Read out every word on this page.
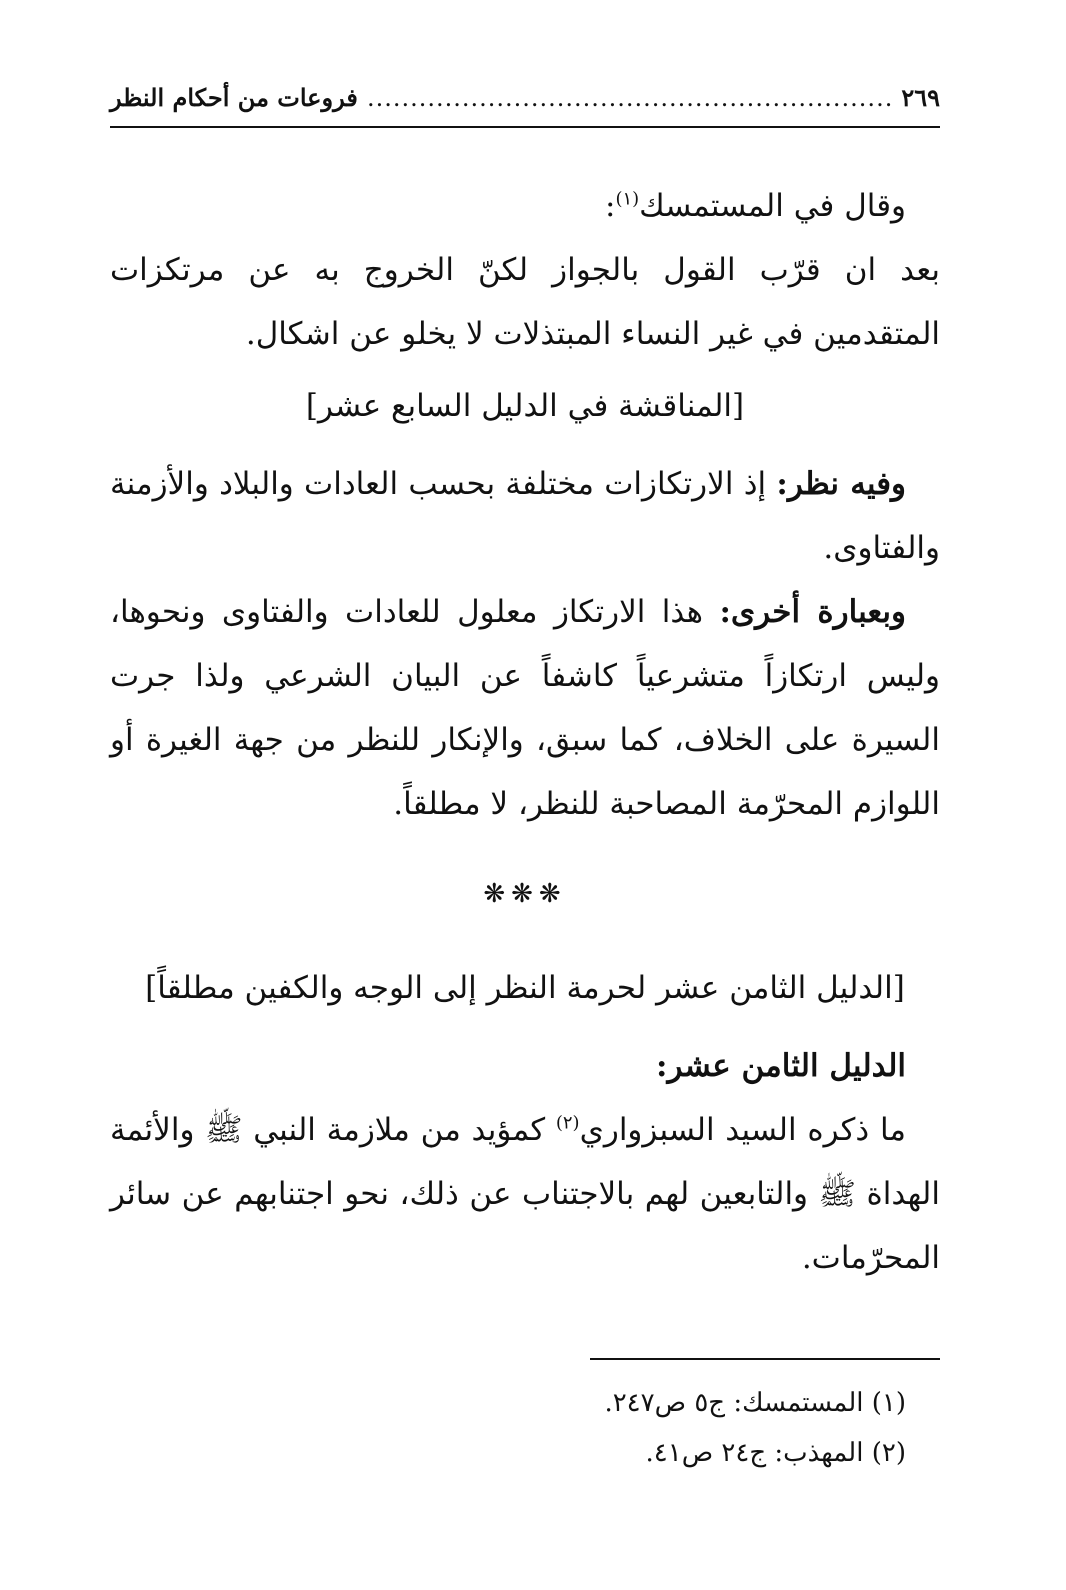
٢٦٩
.....
فروعات من أحكام النظر

وقال في المستمسك$^{(١)}$:

بعد ان قرّب القول بالجواز لكنّ الخروج به عن مرتكزات المتقدمين في غير النساء المبتذلات لا يخلو عن اشكال.

[المناقشة في الدليل السابع عشر]

وفيه نظر: إذ الارتكازات مختلفة بحسب العادات والبلاد والأزمنة والفتاوى.

وبعبارة أخرى: هذا الارتكاز معلول للعادات والفتاوى ونحوها، وليس ارتكازاً متشرعياً كاشفاً عن البيان الشرعي ولذا جرت السيرة على الخلاف، كما سبق، والإنكار للنظر من جهة الغيرة أو اللوازم المحرّمة المصاحبة للنظر، لا مطلقاً.

❋❋❋
[الدليل الثامن عشر لحرمة النظر إلى الوجه والكفين مطلقاً]

الدليل الثامن عشر:

ما ذكره السيد السبزواري$^{(٢)}$ كمؤيد من ملازمة النبي ﷺ والأئمة الهداة ﷺ والتابعين لهم بالاجتناب عن ذلك، نحو اجتنابهم عن سائر المحرّمات.

(١) المستمسك: ج٥ ص٢٤٧.
(٢) المهذب: ج٢٤ ص٤١.
